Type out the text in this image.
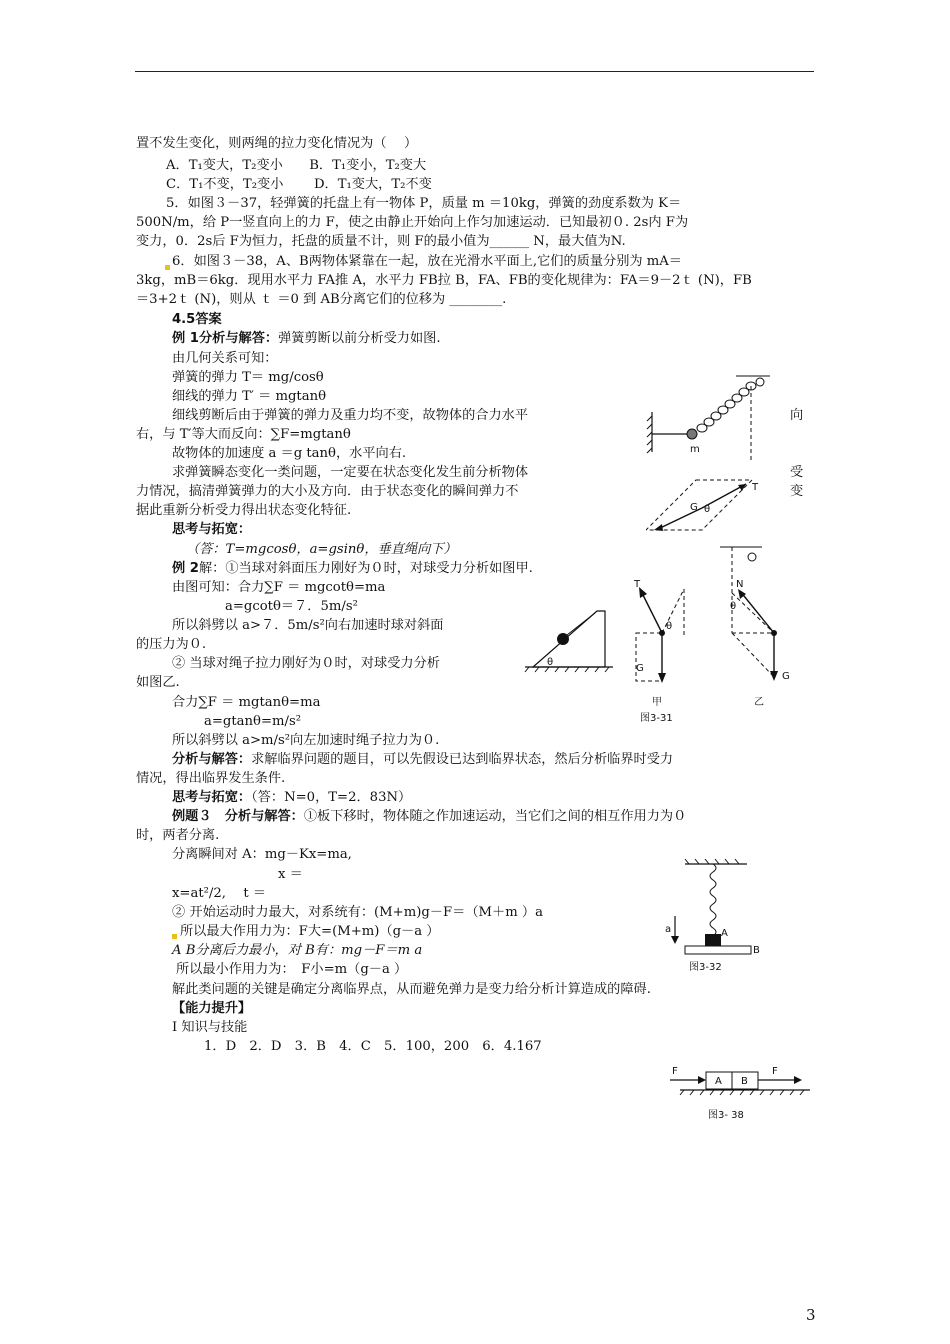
置不发生变化，则两绳的拉力变化情况为（　 ）
A．T₁变大，T₂变小　　B．T₁变小，T₂变大
C．T₁不变，T₂变小　　 D．T₁变大，T₂不变
5．如图３－37，轻弹簧的托盘上有一物体 P，质量 m ＝10kg，弹簧的劲度系数为 K＝
500N/m，给 P一竖直向上的力 F，使之由静止开始向上作匀加速运动．已知最初０. 2s内 F为
变力，0．2s后 F为恒力，托盘的质量不计，则 F的最小值为______ N，最大值为N.
6．如图３－38，A、B两物体紧靠在一起，放在光滑水平面上,它们的质量分别为 mA＝
3kg，mB＝6kg．现用水平力 FA推 A，水平力 FB拉 B，FA、FB的变化规律为：FA＝9－2ｔ (N)，FB
＝3+2ｔ (N)，则从 ｔ ＝0 到 AB分离它们的位移为 ________.
4.5答案
例 1分析与解答：弹簧剪断以前分析受力如图.
由几何关系可知：
弹簧的弹力 T＝ mg/cosθ
细线的弹力 T′ ＝ mgtanθ
细线剪断后由于弹簧的弹力及重力均不变，故物体的合力水平	向
右，与 T′等大而反向：∑F=mgtanθ
故物体的加速度 a ＝g tanθ，水平向右.
求弹簧瞬态变化一类问题，一定要在状态变化发生前分析物体	受
力情况，搞清弹簧弹力的大小及方向．由于状态变化的瞬间弹力不	变
据此重新分析受力得出状态变化特征.
思考与拓宽：
（答：T=mgcosθ，a=gsinθ，垂直绳向下）
例 2解：①当球对斜面压力刚好为０时，对球受力分析如图甲.
由图可知：合力∑F ＝ mgcotθ=ma
a=gcotθ＝７．5m/s²
所以斜劈以 a>７．5m/s²向右加速时球对斜面
的压力为０.
② 当球对绳子拉力刚好为０时，对球受力分析
如图乙.
合力∑F ＝ mgtanθ=ma
a=gtanθ=m/s²
所以斜劈以 a>m/s²向左加速时绳子拉力为０.
分析与解答：求解临界问题的题目，可以先假设已达到临界状态，然后分析临界时受力
情况，得出临界发生条件.
思考与拓宽：（答：N=0，T=2．83N）
例题３　分析与解答：①板下移时，物体随之作加速运动，当它们之间的相互作用力为０
时，两者分离.
分离瞬间对 A：mg－Kx=ma,
x ＝
x=at²/2,　 t ＝
② 开始运动时力最大，对系统有：(M+m)g－F＝（M＋m ）a
所以最大作用力为：F大=(M+m)（g－a ）
A B分离后力最小，对 B有：mg－F＝m a
所以最小作用力为：　F小=m（g－a ）
解此类问题的关键是确定分离临界点，从而避免弹力是变力给分析计算造成的障碍.
【能力提升】
I 知识与技能
1．D　2．D　3．B　4．C　5．100，200　6．4.167
m
T
G θ
θ
T
θ
G
N
θ
G
甲	乙
图3-31
a	A
B
图3-32
F	F
A B
图3- 38
3
